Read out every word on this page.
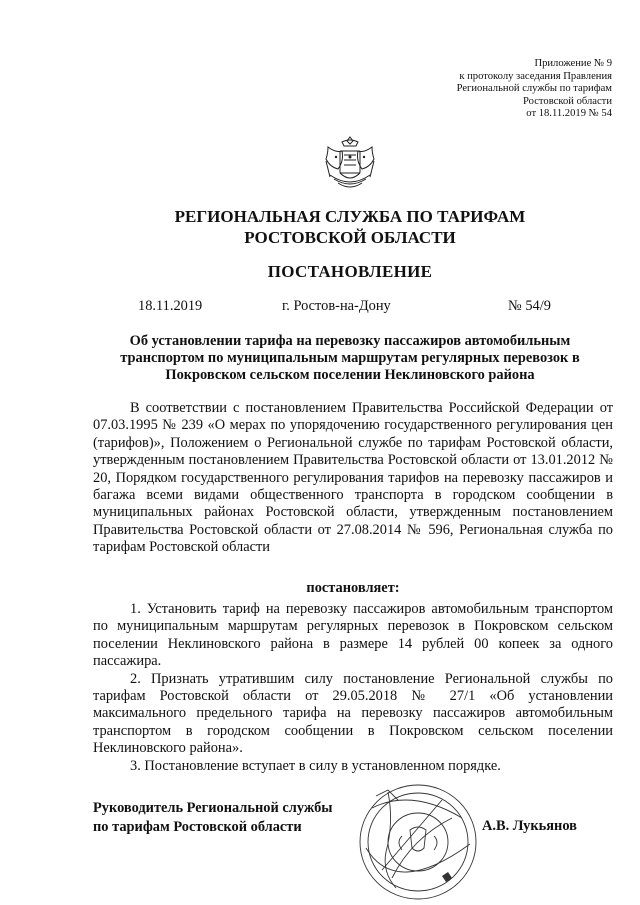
Приложение № 9
к протоколу заседания Правления
Региональной службы по тарифам
Ростовской области
от 18.11.2019 № 54
РЕГИОНАЛЬНАЯ СЛУЖБА ПО ТАРИФАМ
РОСТОВСКОЙ ОБЛАСТИ
ПОСТАНОВЛЕНИЕ
18.11.2019	г. Ростов-на-Дону	№ 54/9
Об установлении тарифа на перевозку пассажиров автомобильным транспортом по муниципальным маршрутам регулярных перевозок в Покровском сельском поселении Неклиновского района

В соответствии с постановлением Правительства Российской Федерации от 07.03.1995 № 239 «О мерах по упорядочению государственного регулирования цен (тарифов)», Положением о Региональной службе по тарифам Ростовской области, утвержденным постановлением Правительства Ростовской области от 13.01.2012 № 20, Порядком государственного регулирования тарифов на перевозку пассажиров и багажа всеми видами общественного транспорта в городском сообщении в муниципальных районах Ростовской области, утвержденным постановлением Правительства Ростовской области от 27.08.2014 № 596, Региональная служба по тарифам Ростовской области

постановляет:

1. Установить тариф на перевозку пассажиров автомобильным транспортом по муниципальным маршрутам регулярных перевозок в Покровском сельском поселении Неклиновского района в размере 14 рублей 00 копеек за одного пассажира.

2. Признать утратившим силу постановление Региональной службы по тарифам Ростовской области от 29.05.2018 № 27/1 «Об установлении максимального предельного тарифа на перевозку пассажиров автомобильным транспортом в городском сообщении в Покровском сельском поселении Неклиновского района».

3. Постановление вступает в силу в установленном порядке.

Руководитель Региональной службы
по тарифам Ростовской области	А.В. Лукьянов
